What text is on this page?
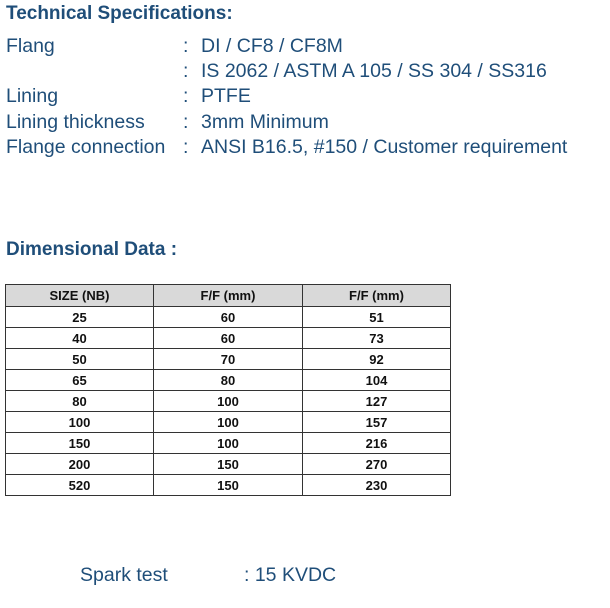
Technical Specifications:
Flang	: DI / CF8 / CF8M
: IS 2062 / ASTM A 105 / SS 304 / SS316
Lining	: PTFE
Lining thickness : 3mm Minimum
Flange connection : ANSI B16.5, #150 / Customer requirement
Dimensional Data :
SIZE (NB)	F/F (mm)	F/F (mm)
25	60	51
40	60	73
50	70	92
65	80	104
80	100	127
100	100	157
150	100	216
200	150	270
520	150	230
Spark test	: 15 KVDC
